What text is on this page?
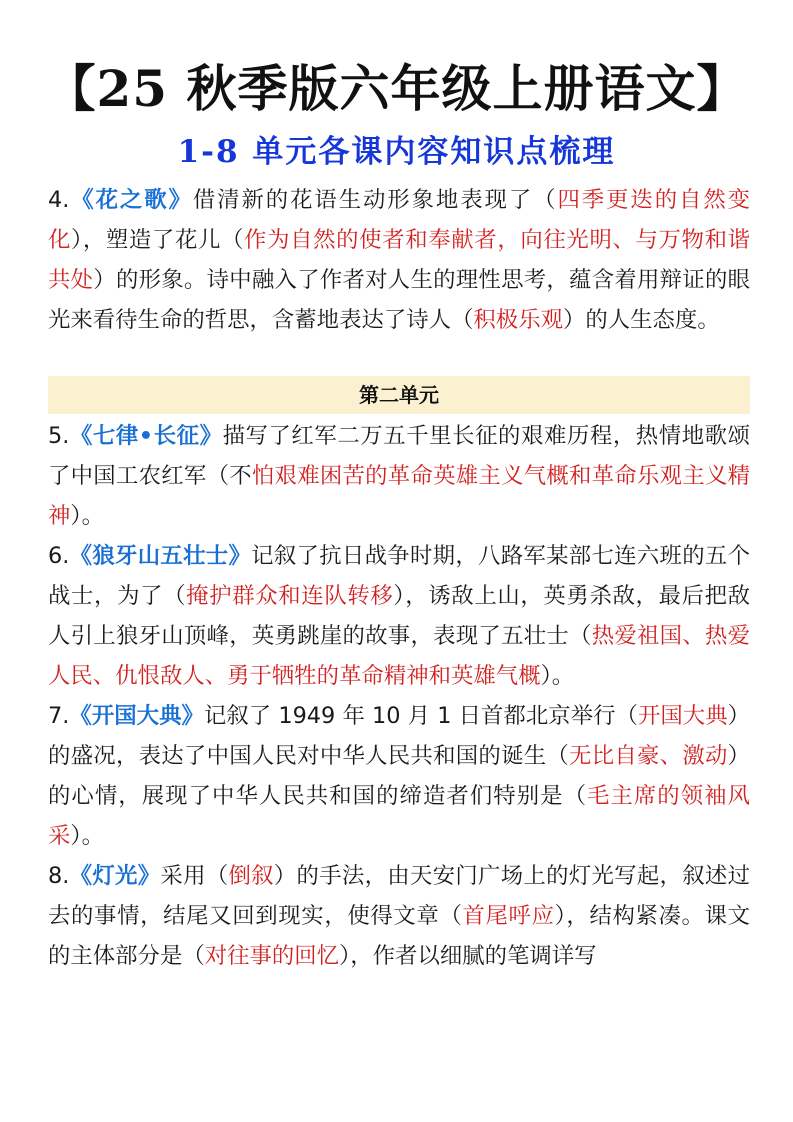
【25 秋季版六年级上册语文】
1-8 单元各课内容知识点梳理

4.《花之歌》借清新的花语生动形象地表现了（四季更迭的自然变化），塑造了花儿（作为自然的使者和奉献者，向往光明、与万物和谐共处）的形象。诗中融入了作者对人生的理性思考，蕴含着用辩证的眼光来看待生命的哲思，含蓄地表达了诗人（积极乐观）的人生态度。

第二单元

5.《七律•长征》描写了红军二万五千里长征的艰难历程，热情地歌颂了中国工农红军（不怕艰难困苦的革命英雄主义气概和革命乐观主义精神）。

6.《狼牙山五壮士》记叙了抗日战争时期，八路军某部七连六班的五个战士，为了（掩护群众和连队转移），诱敌上山，英勇杀敌，最后把敌人引上狼牙山顶峰，英勇跳崖的故事，表现了五壮士（热爱祖国、热爱人民、仇恨敌人、勇于牺牲的革命精神和英雄气概）。

7.《开国大典》记叙了 1949 年 10 月 1 日首都北京举行（开国大典）的盛况，表达了中国人民对中华人民共和国的诞生（无比自豪、激动）的心情，展现了中华人民共和国的缔造者们特别是（毛主席的领袖风采）。

8.《灯光》采用（倒叙）的手法，由天安门广场上的灯光写起，叙述过去的事情，结尾又回到现实，使得文章（首尾呼应），结构紧凑。课文的主体部分是（对往事的回忆），作者以细腻的笔调详写
